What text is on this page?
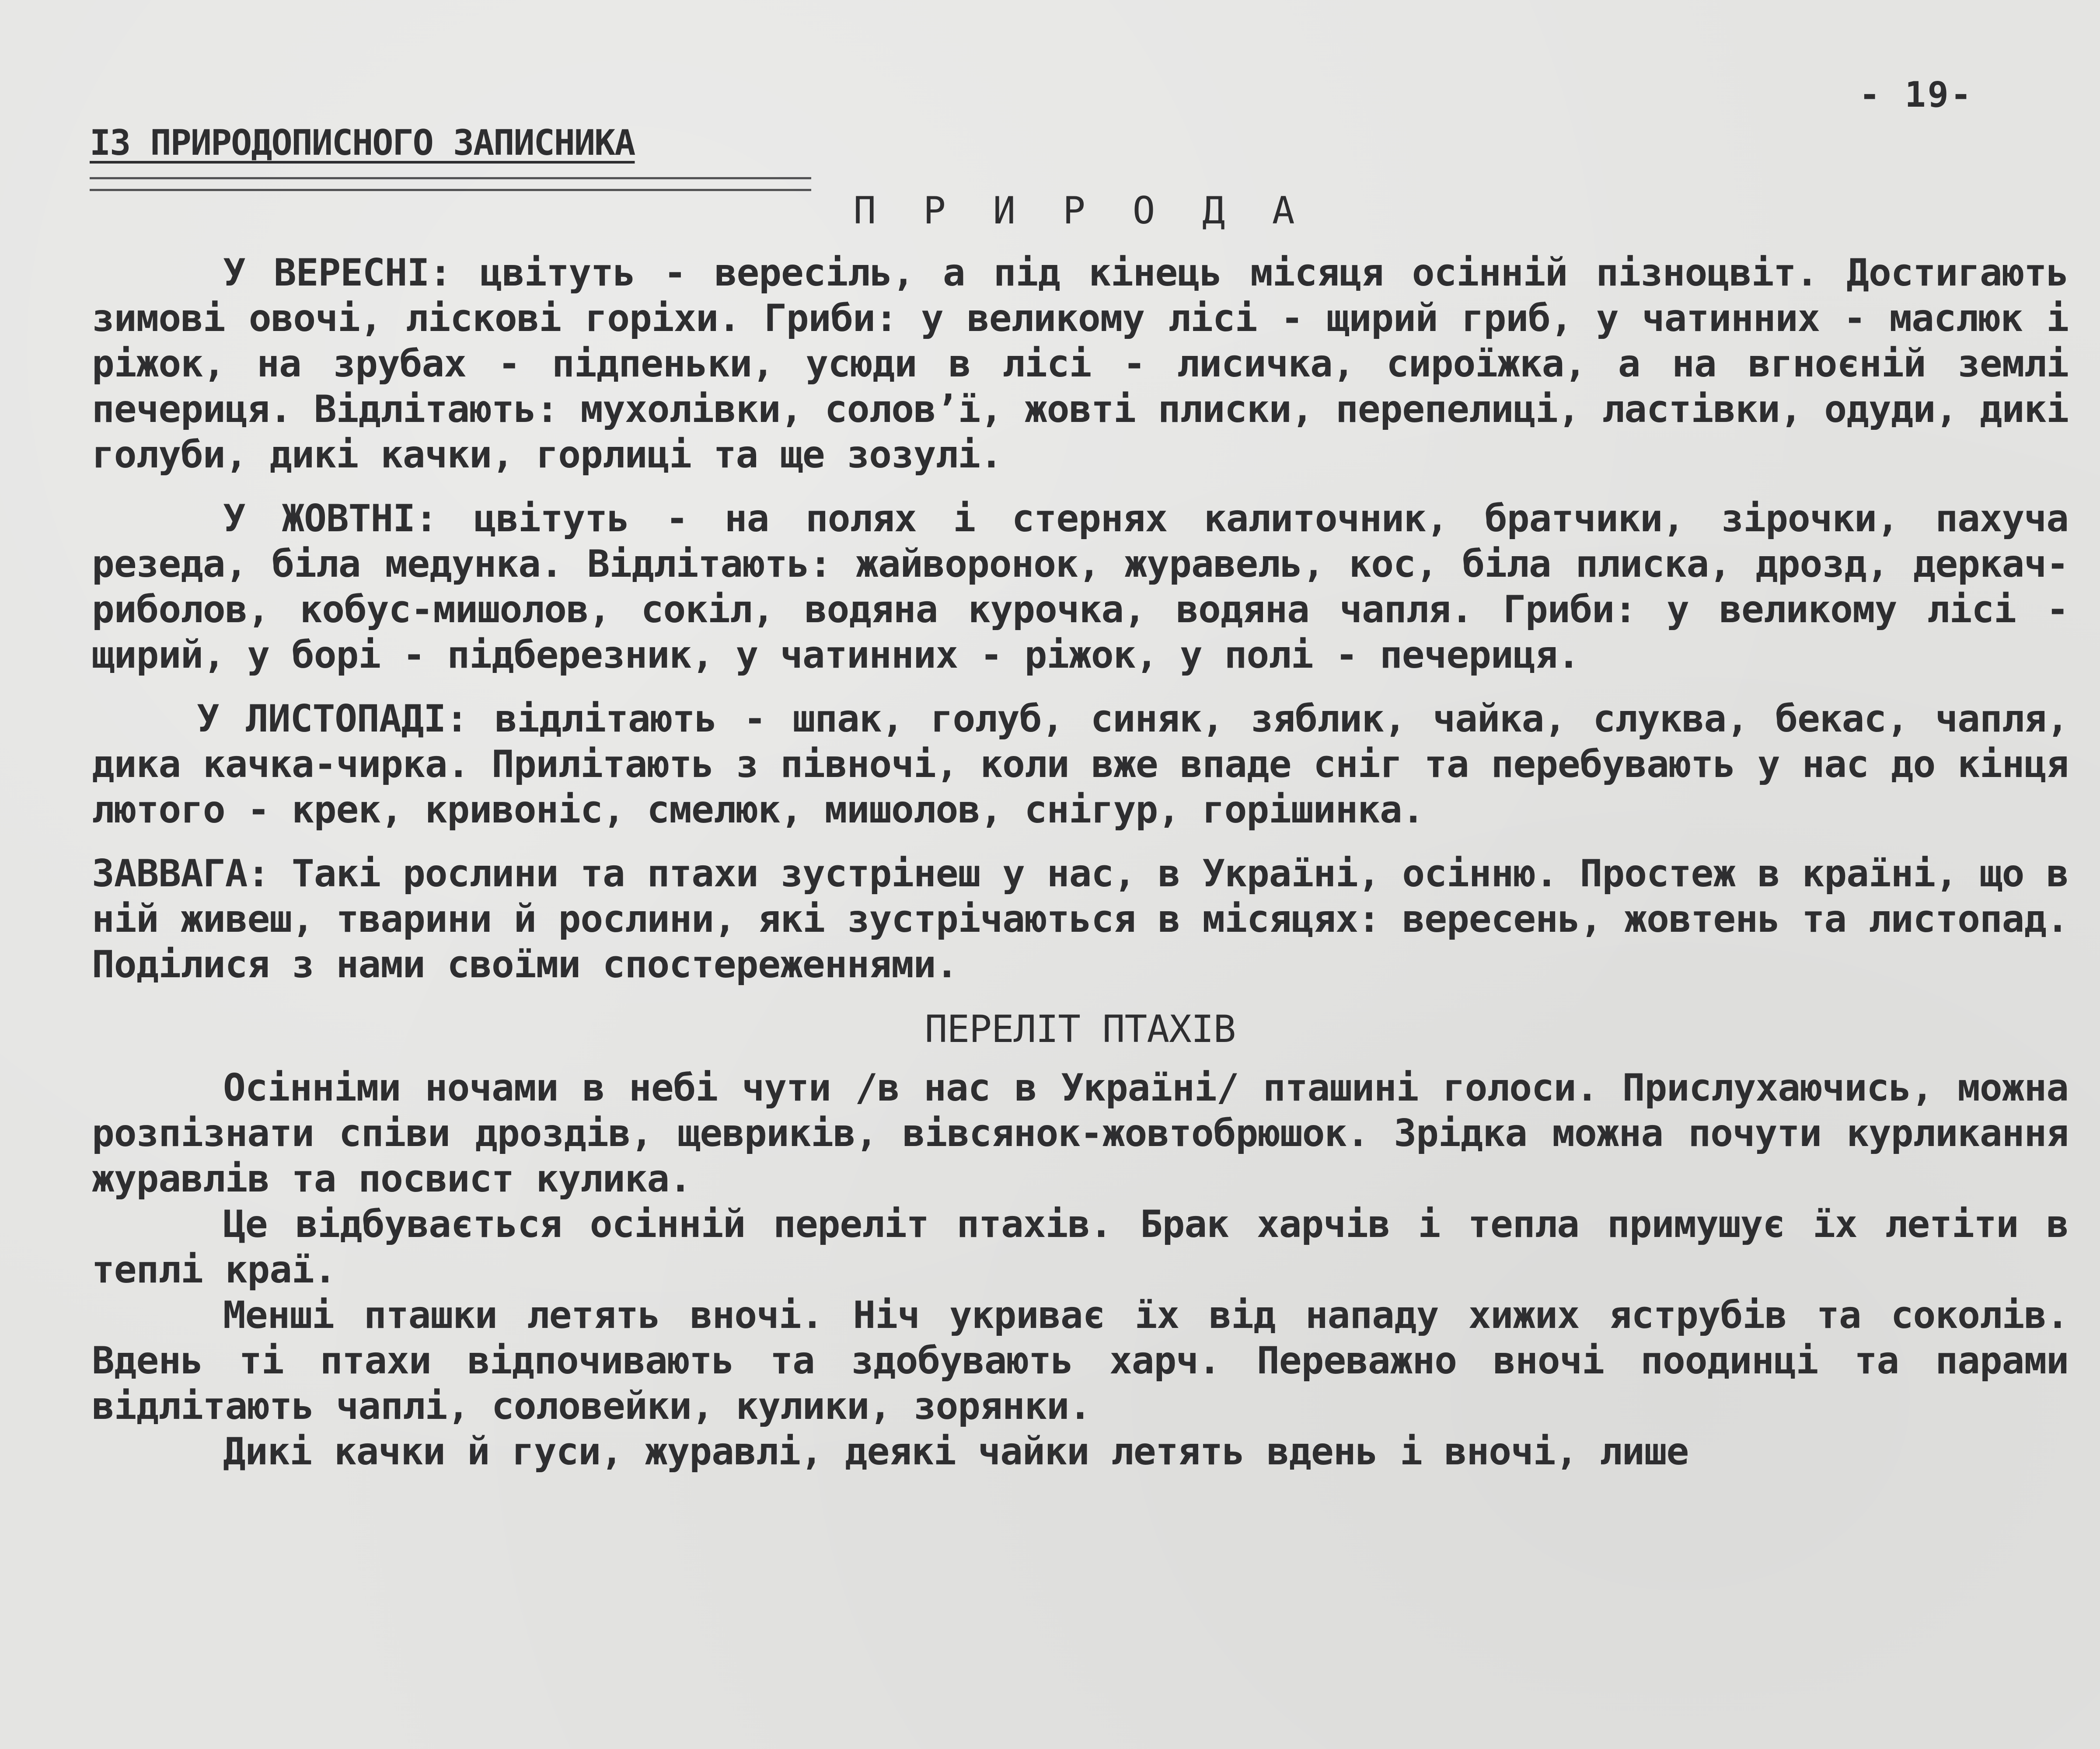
- 19-
ІЗ ПРИРОДОПИСНОГО ЗАПИСНИКА
П Р И Р О Д А

У ВЕРЕСНІ: цвітуть - вересіль, а під кінець місяця осінній пізноцвіт. Достигають зимові овочі, ліскові горіхи. Гриби: у великому лісі - щирий гриб, у чатинних - маслюк і ріжок, на зрубах - підпеньки, усюди в лісі - лисичка, сироїжка, а на вгноєній землі печериця. Відлітають: мухолівки, солов’ї, жовті плиски, перепелиці, ластівки, одуди, дикі голуби, дикі качки, горлиці та ще зозулі.

У ЖОВТНІ: цвітуть - на полях і стернях калиточник, братчики, зірочки, пахуча резеда, біла медунка. Відлітають: жайворонок, журавель, кос, біла плиска, дрозд, деркач-риболов, кобус-мишолов, сокіл, водяна курочка, водяна чапля. Гриби: у великому лісі - щирий, у борі - підберезник, у чатинних - ріжок, у полі - печериця.

У ЛИСТОПАДІ: відлітають - шпак, голуб, синяк, зяблик, чайка, слуква, бекас, чапля, дика качка-чирка. Прилітають з півночі, коли вже впаде сніг та перебувають у нас до кінця лютого - крек, кривоніс, смелюк, мишолов, снігур, горішинка.

ЗАВВАГА: Такі рослини та птахи зустрінеш у нас, в Україні, осінню. Простеж в країні, що в ній живеш, тварини й рослини, які зустрічаються в місяцях: вересень, жовтень та листопад. Поділися з нами своїми спостереженнями.

ПЕРЕЛІТ ПТАХІВ

Осінніми ночами в небі чути /в нас в Україні/ пташині голоси. Прислухаючись, можна розпізнати співи дроздів, щевриків, вівсянок-жовтобрюшок. Зрідка можна почути курликання журавлів та посвист кулика.

Це відбувається осінній переліт птахів. Брак харчів і тепла примушує їх летіти в теплі краї.

Менші пташки летять вночі. Ніч укриває їх від нападу хижих яструбів та соколів. Вдень ті птахи відпочивають та здобувають харч. Переважно вночі поодинці та парами відлітають чаплі, соловейки, кулики, зорянки.

Дикі качки й гуси, журавлі, деякі чайки летять вдень і вночі, лише
